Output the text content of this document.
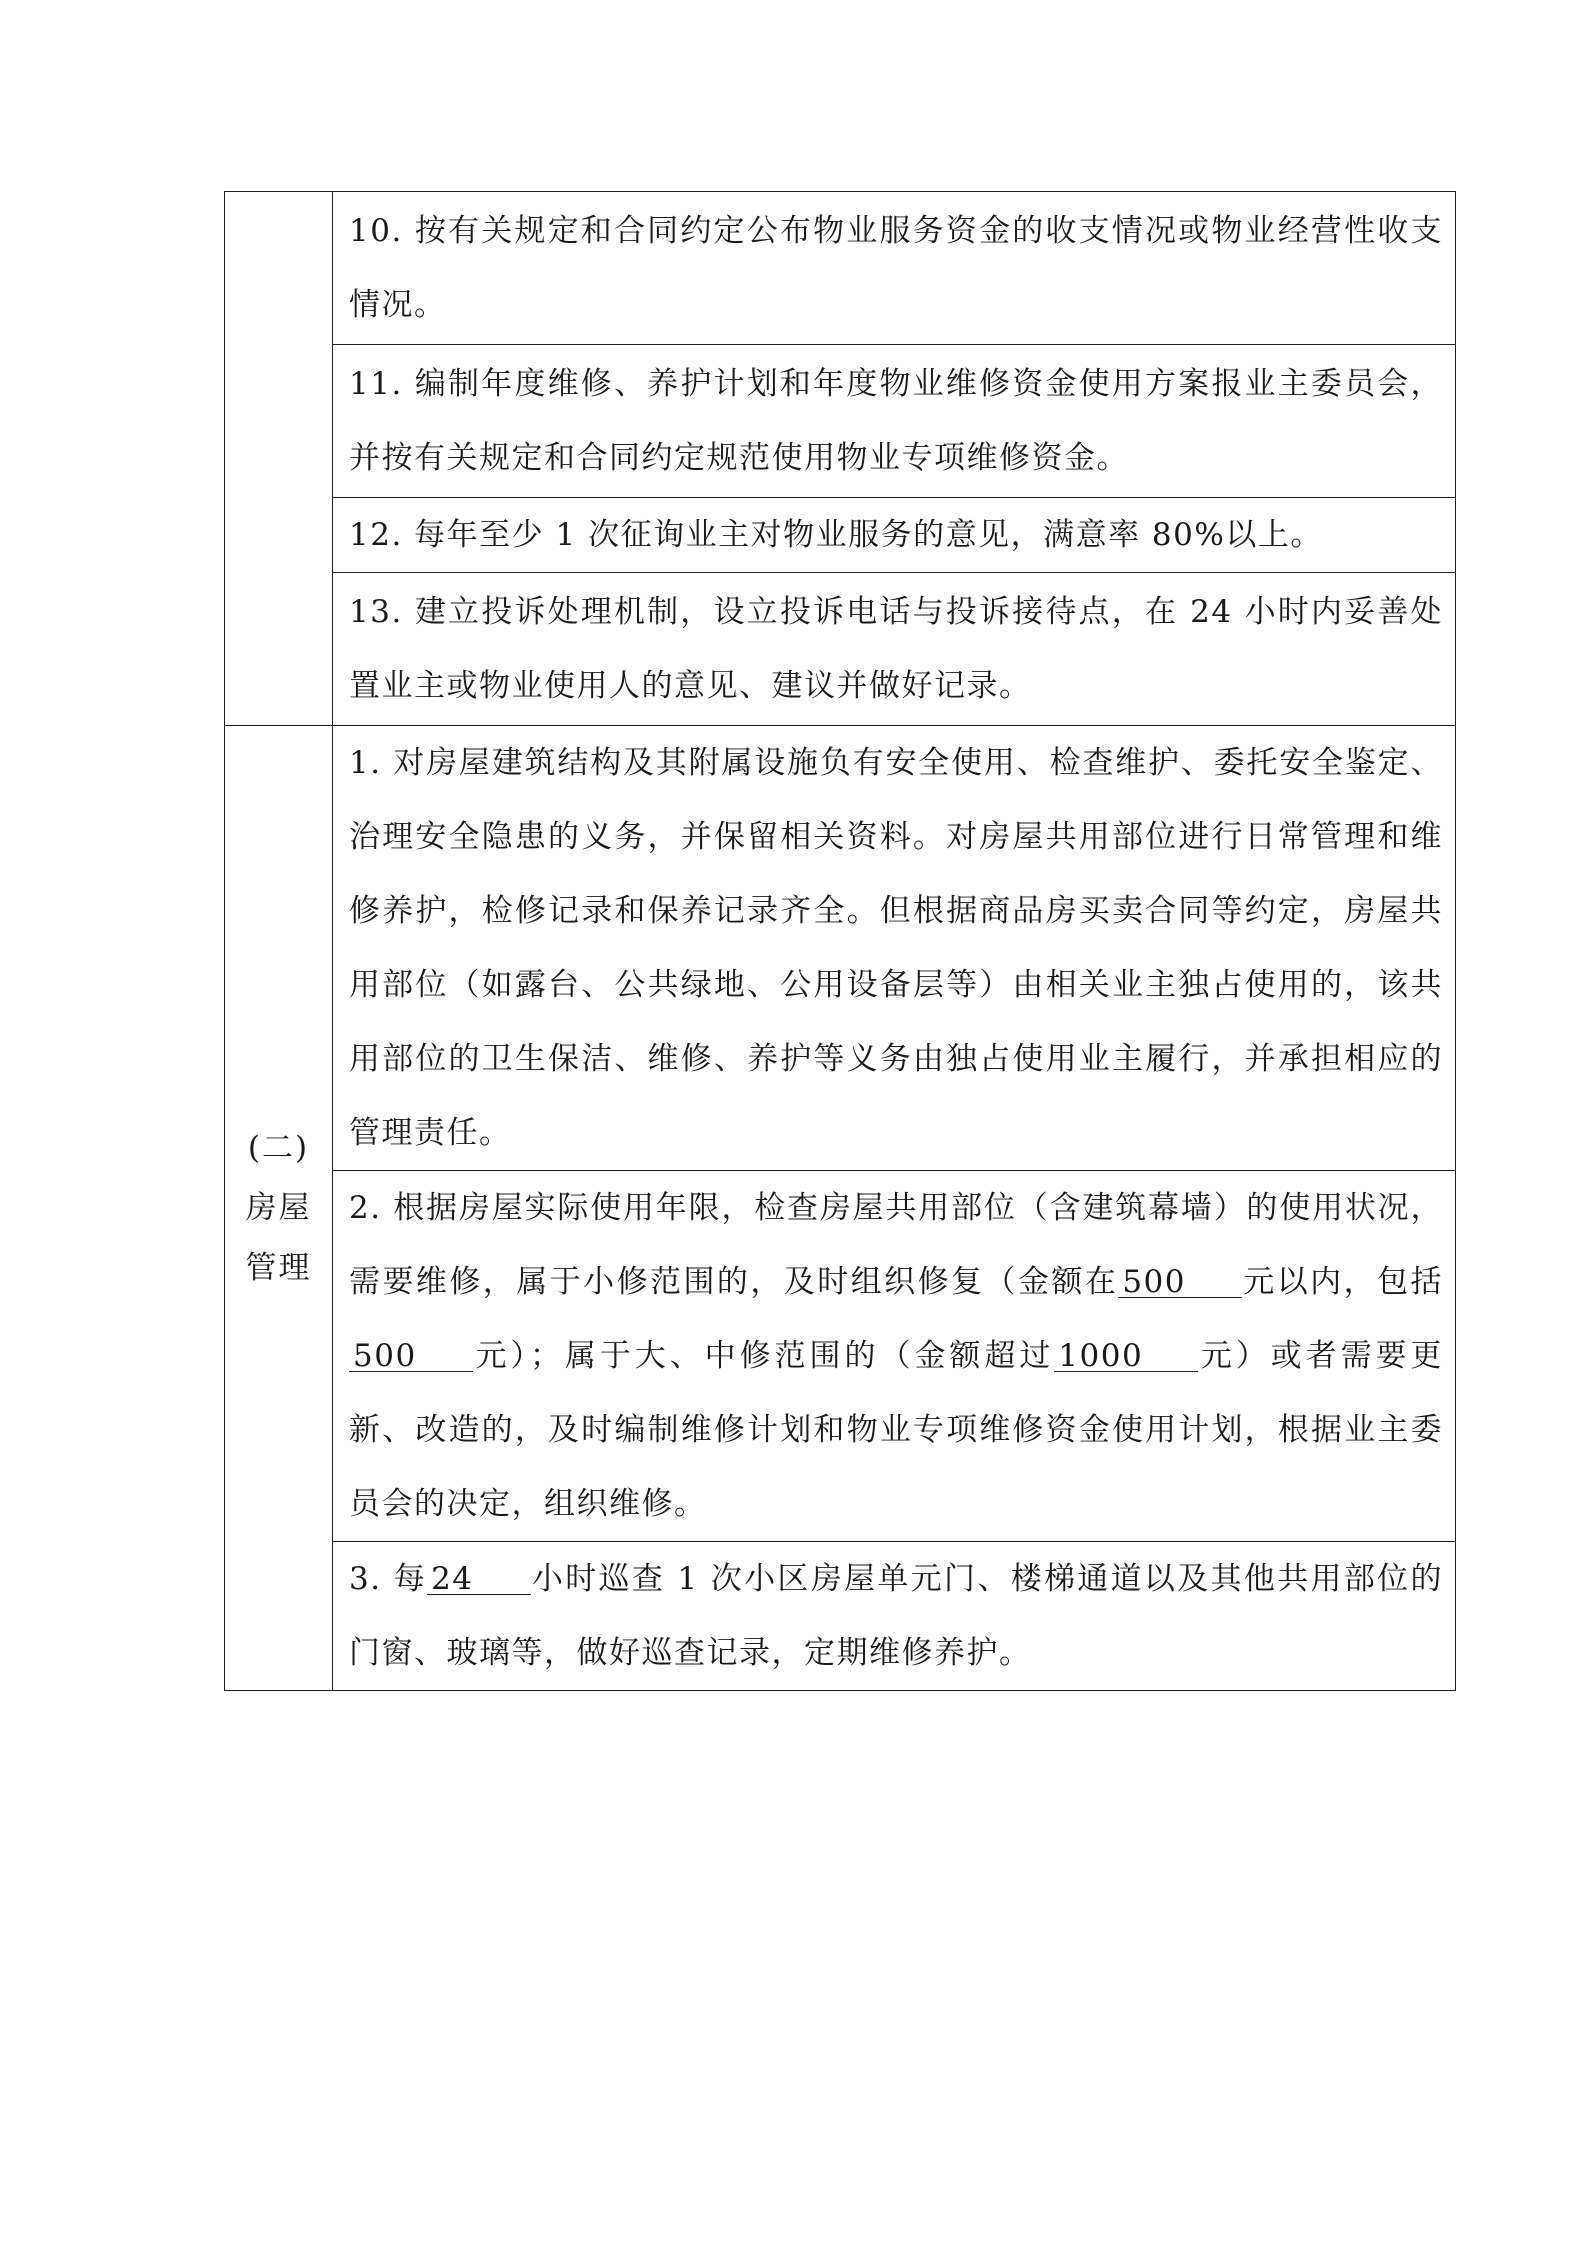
	10. 按有关规定和合同约定公布物业服务资金的收支情况或物业经营性收支情况。

	11. 编制年度维修、养护计划和年度物业维修资金使用方案报业主委员会，并按有关规定和合同约定规范使用物业专项维修资金。

	12. 每年至少 1 次征询业主对物业服务的意见，满意率 80%以上。

	13. 建立投诉处理机制，设立投诉电话与投诉接待点，在 24 小时内妥善处置业主或物业使用人的意见、建议并做好记录。

(二)
房屋
管理	1. 对房屋建筑结构及其附属设施负有安全使用、检查维护、委托安全鉴定、治理安全隐患的义务，并保留相关资料。对房屋共用部位进行日常管理和维修养护，检修记录和保养记录齐全。但根据商品房买卖合同等约定，房屋共用部位（如露台、公共绿地、公用设备层等）由相关业主独占使用的，该共用部位的卫生保洁、维修、养护等义务由独占使用业主履行，并承担相应的管理责任。

	2. 根据房屋实际使用年限，检查房屋共用部位（含建筑幕墙）的使用状况，需要维修，属于小修范围的，及时组织修复（金额在 500 元以内，包括500 元）；属于大、中修范围的（金额超过 1000 元）或者需要更新、改造的，及时编制维修计划和物业专项维修资金使用计划，根据业主委员会的决定，组织维修。

	3. 每 24 小时巡查 1 次小区房屋单元门、楼梯通道以及其他共用部位的门窗、玻璃等，做好巡查记录，定期维修养护。
